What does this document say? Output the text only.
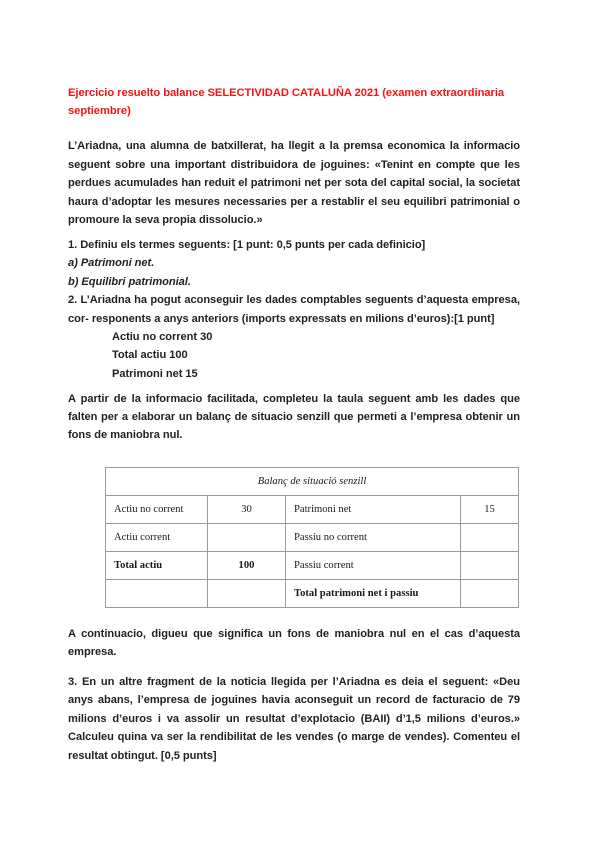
Ejercicio resuelto balance SELECTIVIDAD CATALUÑA 2021 (examen extraordinaria septiembre)

L’Ariadna, una alumna de batxillerat, ha llegit a la premsa economica la informacio seguent sobre una important distribuidora de joguines: «Tenint en compte que les perdues acumulades han reduit el patrimoni net per sota del capital social, la societat haura d’adoptar les mesures necessaries per a restablir el seu equilibri patrimonial o promoure la seva propia dissolucio.»

1. Definiu els termes seguents: [1 punt: 0,5 punts per cada definicio]
a) Patrimoni net.
b) Equilibri patrimonial.
2. L’Ariadna ha pogut aconseguir les dades comptables seguents d’aquesta empresa, cor- responents a anys anteriors (imports expressats en milions d’euros):[1 punt]
Actiu no corrent 30
Total actiu 100
Patrimoni net 15

A partir de la informacio facilitada, completeu la taula seguent amb les dades que falten per a elaborar un balanç de situacio senzill que permeti a l’empresa obtenir un fons de maniobra nul.

Balanç de situació senzill			
Actiu no corrent	30	Patrimoni net	15
Actiu corrent		Passiu no corrent	
Total actiu	100	Passiu corrent	
		Total patrimoni net i passiu	

A continuacio, digueu que significa un fons de maniobra nul en el cas d’aquesta empresa.

3. En un altre fragment de la noticia llegida per l’Ariadna es deia el seguent: «Deu anys abans, l’empresa de joguines havia aconseguit un record de facturacio de 79 milions d’euros i va assolir un resultat d’explotacio (BAII) d’1,5 milions d’euros.» Calculeu quina va ser la rendibilitat de les vendes (o marge de vendes). Comenteu el resultat obtingut. [0,5 punts]
